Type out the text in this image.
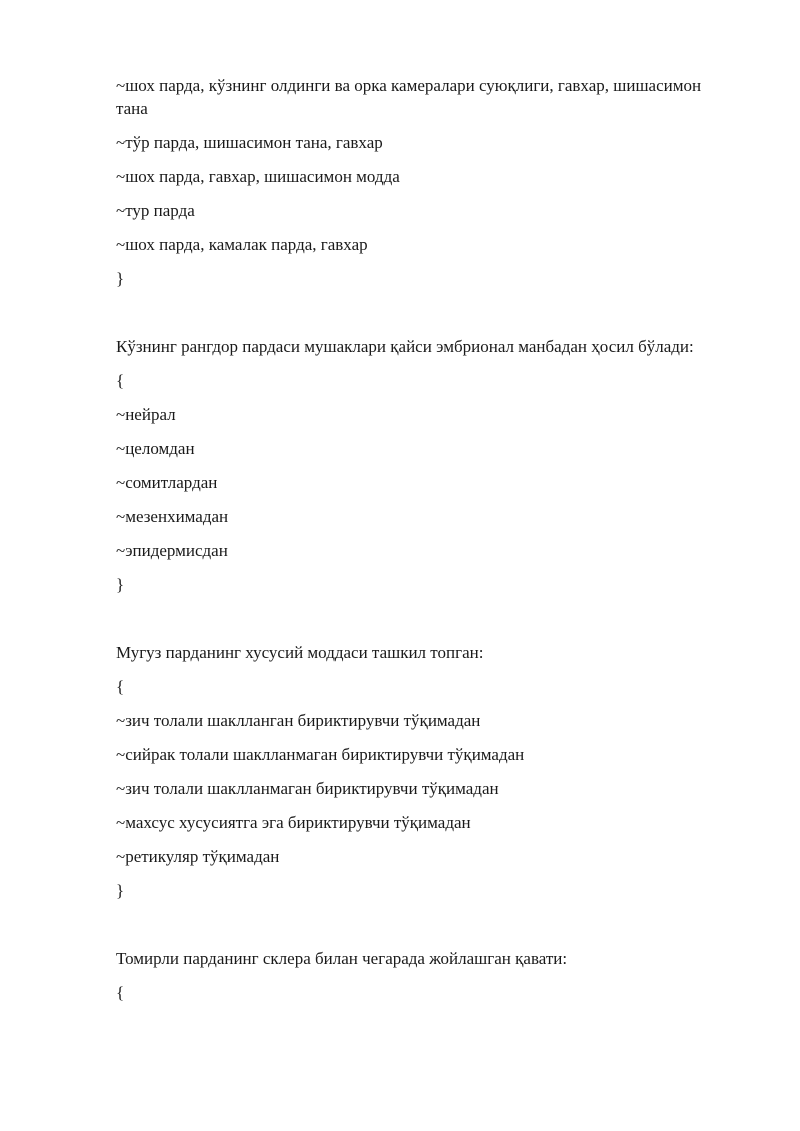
~шох парда, кўзнинг олдинги ва орка камералари суюқлиги, гавхар, шишасимон тана
~тўр парда, шишасимон тана, гавхар
~шох парда, гавхар, шишасимон модда
~тур парда
~шох парда, камалак парда, гавхар
}
Кўзнинг рангдор пардаси мушаклари қайси эмбрионал манбадан ҳосил бўлади:
{
~нейрал
~целомдан
~сомитлардан
~мезенхимадан
~эпидермисдан
}
Мугуз парданинг хусусий моддаси ташкил топган:
{
~зич толали шаклланган бириктирувчи тўқимадан
~сийрак толали шаклланмаган бириктирувчи тўқимадан
~зич толали шаклланмаган бириктирувчи тўқимадан
~махсус хусусиятга эга бириктирувчи тўқимадан
~ретикуляр тўқимадан
}
Томирли парданинг склера билан чегарада жойлашган қавати:
{
